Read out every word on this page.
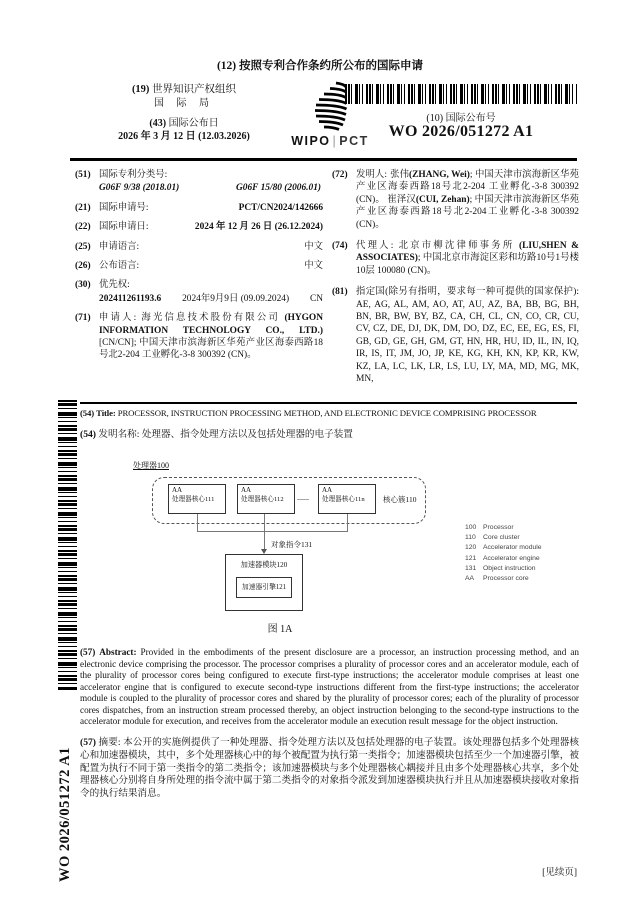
(12) 按照专利合作条约所公布的国际申请
(19) 世界知识产权组织
国 际 局
(43) 国际公布日
2026 年 3 月 12 日 (12.03.2026)	WIPO | PCT
(10) 国际公布号
WO 2026/051272 A1
(51) 国际专利分类号:
G06F 9/38 (2018.01)	G06F 15/80 (2006.01)
(21) 国际申请号:	PCT/CN2024/142666
(22) 国际申请日:	2024 年 12 月 26 日 (26.12.2024)
(25) 申请语言:	中文
(26) 公布语言:	中文
(30) 优先权:
202411261193.6 2024年9月9日 (09.09.2024) CN
(71) 申请人: 海光信息技术股份有限公司 (HYGON INFORMATION TECHNOLOGY CO., LTD.) [CN/CN]; 中国天津市滨海新区华苑产业区海泰西路18号北2-204 工业孵化-3-8 300392 (CN)。
(72) 发明人: 张伟(ZHANG, Wei); 中国天津市滨海新区华苑产业区海泰西路18号北2-204 工业孵化-3-8 300392 (CN)。 崔泽汉(CUI, Zehan); 中国天津市滨海新区华苑产业区海泰西路18号北2-204工业孵化-3-8 300392 (CN)。
(74) 代理人: 北京市柳沈律师事务所 (LIU,SHEN & ASSOCIATES); 中国北京市海淀区彩和坊路10号1号楼10层 100080 (CN)。
(81) 指定国(除另有指明，要求每一种可提供的国家保护): AE, AG, AL, AM, AO, AT, AU, AZ, BA, BB, BG, BH, BN, BR, BW, BY, BZ, CA, CH, CL, CN, CO, CR, CU, CV, CZ, DE, DJ, DK, DM, DO, DZ, EC, EE, EG, ES, FI, GB, GD, GE, GH, GM, GT, HN, HR, HU, ID, IL, IN, IQ, IR, IS, IT, JM, JO, JP, KE, KG, KH, KN, KP, KR, KW, KZ, LA, LC, LK, LR, LS, LU, LY, MA, MD, MG, MK, MN,
(54) Title: PROCESSOR, INSTRUCTION PROCESSING METHOD, AND ELECTRONIC DEVICE COMPRISING PROCESSOR
(54) 发明名称: 处理器、指令处理方法以及包括处理器的电子装置
WO 2026/051272 A1
处理器100
AA
处理器核心111
AA
处理器核心112	......
AA
处理器核心11n	核心簇110
对象指令131
加速器模块120
加速器引擎121
图 1A
100 Processor
110 Core cluster
120 Accelerator module
121 Accelerator engine
131 Object instruction
AA Processor core
(57) Abstract: Provided in the embodiments of the present disclosure are a processor, an instruction processing method, and an electronic device comprising the processor. The processor comprises a plurality of processor cores and an accelerator module, each of the plurality of processor cores being configured to execute first-type instructions; the accelerator module comprises at least one accelerator engine that is configured to execute second-type instructions different from the first-type instructions; the accelerator module is coupled to the plurality of processor cores and shared by the plurality of processor cores; each of the plurality of processor cores dispatches, from an instruction stream processed thereby, an object instruction belonging to the second-type instructions to the accelerator module for execution, and receives from the accelerator module an execution result message for the object instruction.
(57) 摘要: 本公开的实施例提供了一种处理器、指令处理方法以及包括处理器的电子装置。该处理器包括多个处理器核心和加速器模块，其中，多个处理器核心中的每个被配置为执行第一类指令；加速器模块包括至少一个加速器引擎，被配置为执行不同于第一类指令的第二类指令；该加速器模块与多个处理器核心耦接并且由多个处理器核心共享，多个处理器核心分别将自身所处理的指令流中属于第二类指令的对象指令派发到加速器模块执行并且从加速器模块接收对象指令的执行结果消息。
[见续页]
